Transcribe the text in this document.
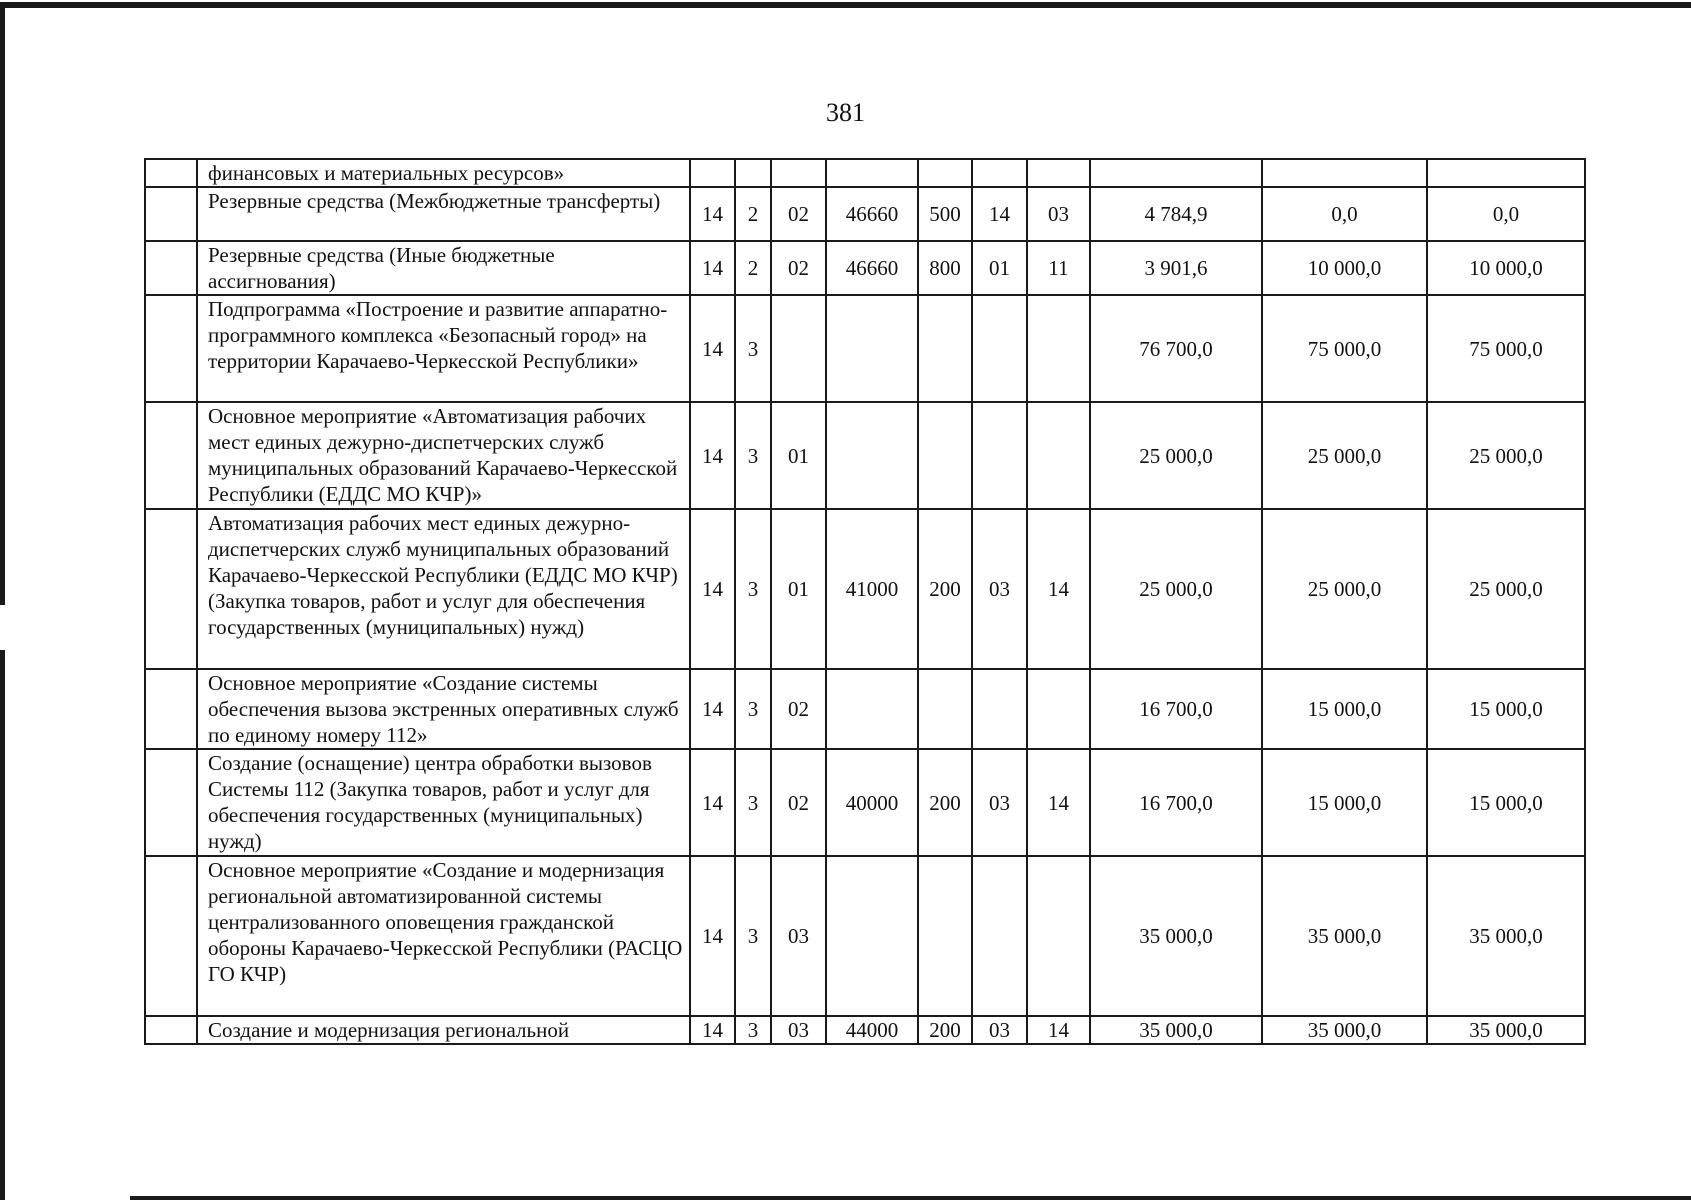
381
	финансовых и материальных ресурсов»										
	Резервные средства (Межбюджетные трансферты)	14	2	02	46660	500	14	03	4 784,9	0,0	0,0
	Резервные средства (Иные бюджетные ассигнования)	14	2	02	46660	800	01	11	3 901,6	10 000,0	10 000,0
	Подпрограмма «Построение и развитие аппаратно-программного комплекса «Безопасный город» на территории Карачаево-Черкесской Республики»	14	3						76 700,0	75 000,0	75 000,0
	Основное мероприятие «Автоматизация рабочих мест единых дежурно-диспетчерских служб муниципальных образований Карачаево-Черкесской Республики (ЕДДС МО КЧР)»	14	3	01					25 000,0	25 000,0	25 000,0
	Автоматизация рабочих мест единых дежурно-диспетчерских служб муниципальных образований Карачаево-Черкесской Республики (ЕДДС МО КЧР) (Закупка товаров, работ и услуг для обеспечения государственных (муниципальных) нужд)	14	3	01	41000	200	03	14	25 000,0	25 000,0	25 000,0
	Основное мероприятие «Создание системы обеспечения вызова экстренных оперативных служб по единому номеру 112»	14	3	02					16 700,0	15 000,0	15 000,0
	Создание (оснащение) центра обработки вызовов Системы 112 (Закупка товаров, работ и услуг для обеспечения государственных (муниципальных) нужд)	14	3	02	40000	200	03	14	16 700,0	15 000,0	15 000,0
	Основное мероприятие «Создание и модернизация региональной автоматизированной системы централизованного оповещения гражданской обороны Карачаево-Черкесской Республики (РАСЦО ГО КЧР)	14	3	03					35 000,0	35 000,0	35 000,0
	Создание и модернизация региональной	14	3	03	44000	200	03	14	35 000,0	35 000,0	35 000,0
